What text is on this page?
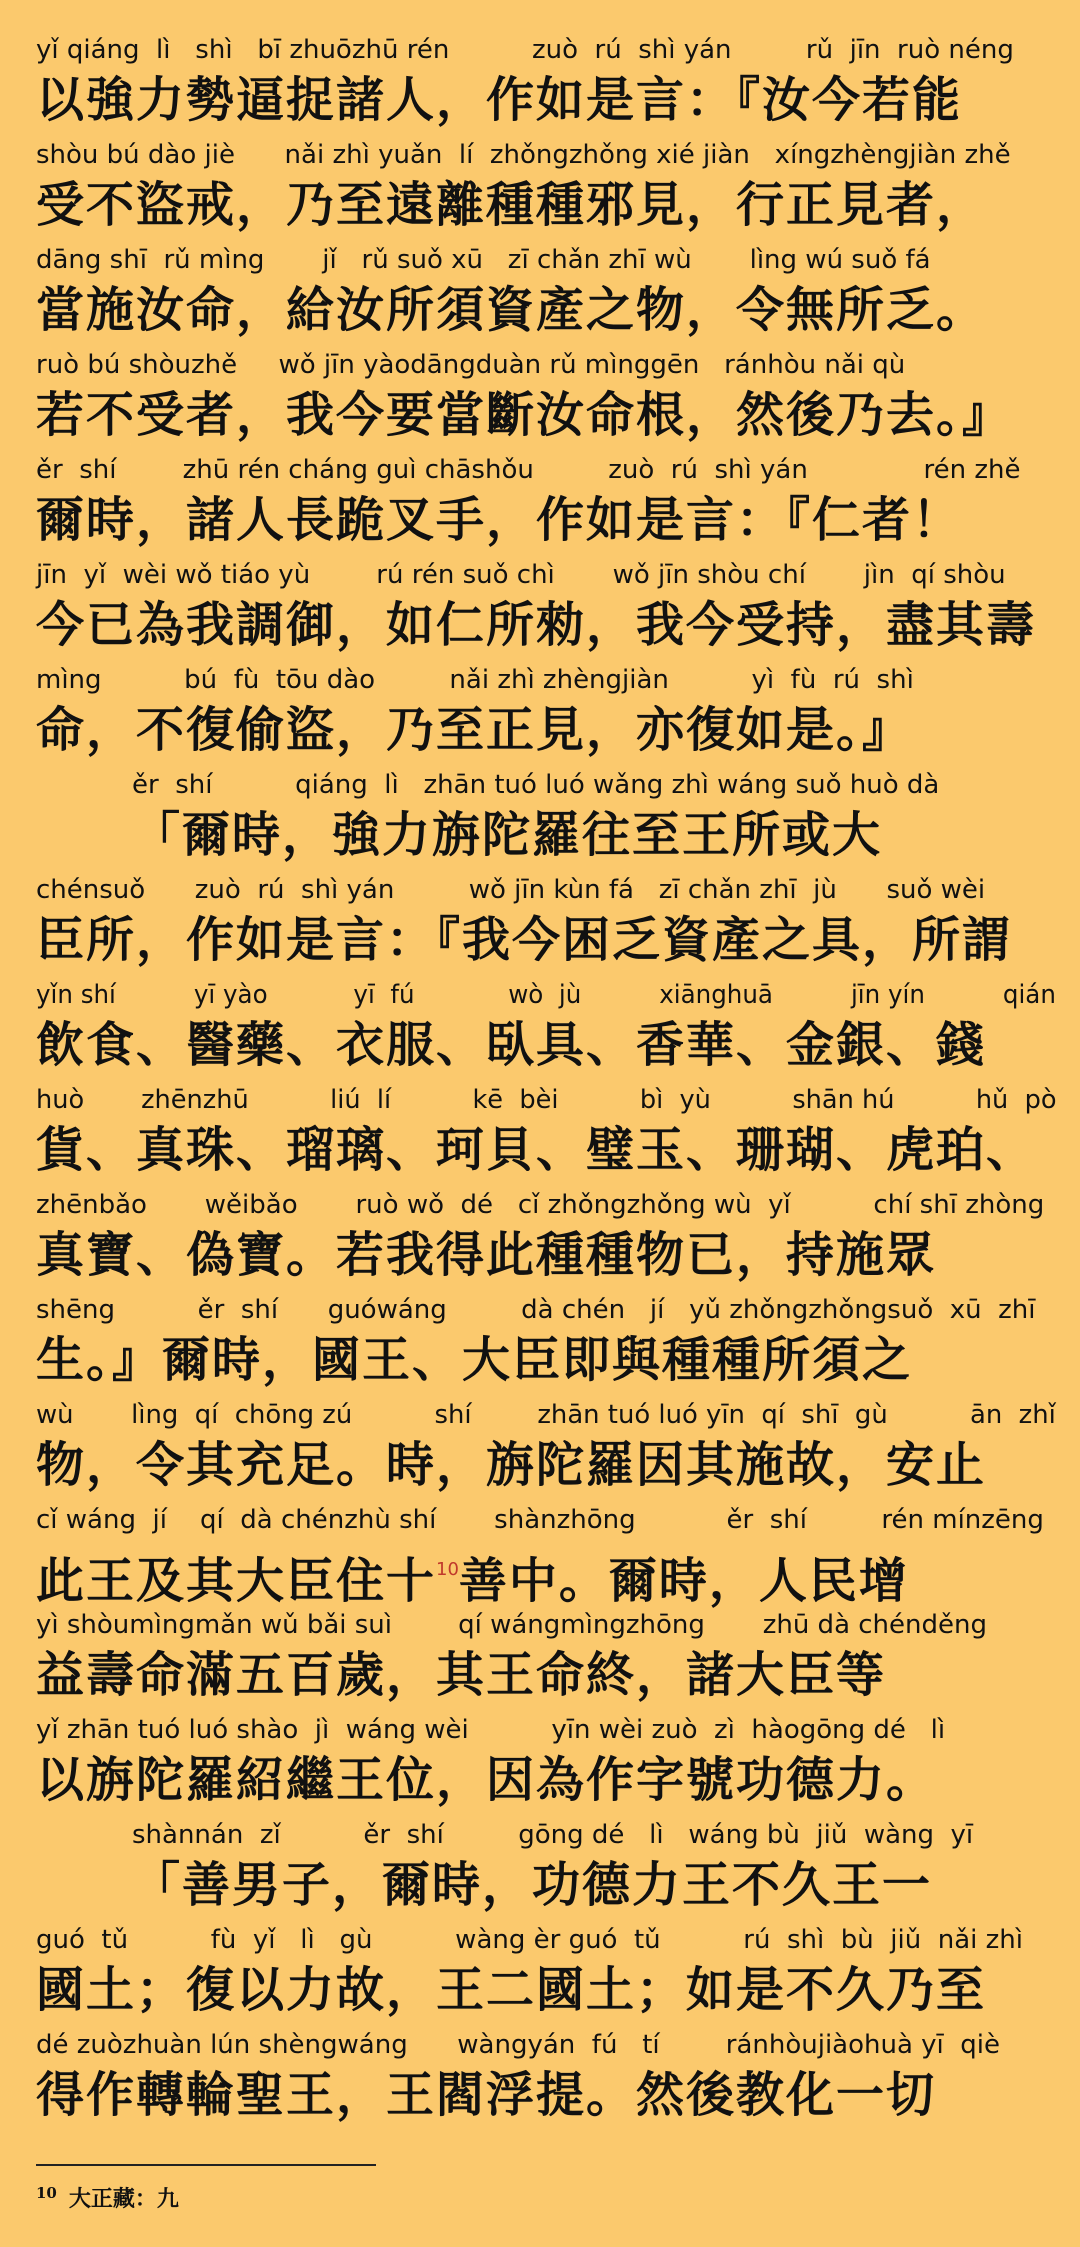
yǐ qiáng  lì   shì   bī zhuōzhū rén          zuò  rú  shì yán         rǔ  jīn  ruò néng
以強力勢逼捉諸人，作如是言：『汝今若能
shòu bú dào jiè      nǎi zhì yuǎn  lí  zhǒngzhǒng xié jiàn   xíngzhèngjiàn zhě
受不盜戒，乃至遠離種種邪見，行正見者，
dāng shī  rǔ mìng       jǐ   rǔ suǒ xū   zī chǎn zhī wù       lìng wú suǒ fá
當施汝命，給汝所須資產之物，令無所乏。
ruò bú shòuzhě     wǒ jīn yàodāngduàn rǔ mìnggēn   ránhòu nǎi qù
若不受者，我今要當斷汝命根，然後乃去。』
ěr  shí        zhū rén cháng guì chāshǒu         zuò  rú  shì yán              rén zhě
爾時，諸人長跪叉手，作如是言：『仁者！
jīn  yǐ  wèi wǒ tiáo yù        rú rén suǒ chì       wǒ jīn shòu chí       jìn  qí shòu
今已為我調御，如仁所勑，我今受持，盡其壽
mìng          bú  fù  tōu dào         nǎi zhì zhèngjiàn          yì  fù  rú  shì
命，不復偷盜，乃至正見，亦復如是。』
ěr  shí          qiáng  lì   zhān tuó luó wǎng zhì wáng suǒ huò dà
「爾時，強力旃陀羅往至王所或大
chénsuǒ      zuò  rú  shì yán         wǒ jīn kùn fá   zī chǎn zhī  jù      suǒ wèi
臣所，作如是言：『我今困乏資產之具，所謂
yǐn shí          yī yào           yī  fú            wò  jù          xiānghuā          jīn yín          qián
飲食、醫藥、衣服、臥具、香華、金銀、錢
huò       zhēnzhū          liú  lí          kē  bèi          bì  yù          shān hú          hǔ  pò
貨、真珠、瑠璃、珂貝、璧玉、珊瑚、虎珀、
zhēnbǎo       wěibǎo       ruò wǒ  dé   cǐ zhǒngzhǒng wù  yǐ          chí shī zhòng
真寶、偽寶。若我得此種種物已，持施眾
shēng          ěr  shí      guówáng         dà chén   jí   yǔ zhǒngzhǒngsuǒ  xū  zhī
生。』爾時，國王、大臣即與種種所須之
wù       lìng  qí  chōng zú          shí        zhān tuó luó yīn  qí  shī  gù          ān  zhǐ
物，令其充足。時，旃陀羅因其施故，安止
cǐ wáng  jí    qí  dà chénzhù shí       shànzhōng           ěr  shí         rén mínzēng
此王及其大臣住十$^{10}$善中。爾時，人民增
yì shòumìngmǎn wǔ bǎi suì        qí wángmìngzhōng       zhū dà chénděng
益壽命滿五百歲，其王命終，諸大臣等
yǐ zhān tuó luó shào  jì  wáng wèi          yīn wèi zuò  zì  hàogōng dé   lì
以旃陀羅紹繼王位，因為作字號功德力。
shànnán  zǐ          ěr  shí         gōng dé   lì   wáng bù  jiǔ  wàng  yī
「善男子，爾時，功德力王不久王一
guó  tǔ          fù  yǐ   lì   gù          wàng èr guó  tǔ          rú  shì  bù  jiǔ  nǎi zhì
國土；復以力故，王二國土；如是不久乃至
dé zuòzhuàn lún shèngwáng      wàngyán  fú   tí        ránhòujiàohuà yī  qiè
得作轉輪聖王，王閻浮提。然後教化一切
$^{10}$ 大正藏：九
